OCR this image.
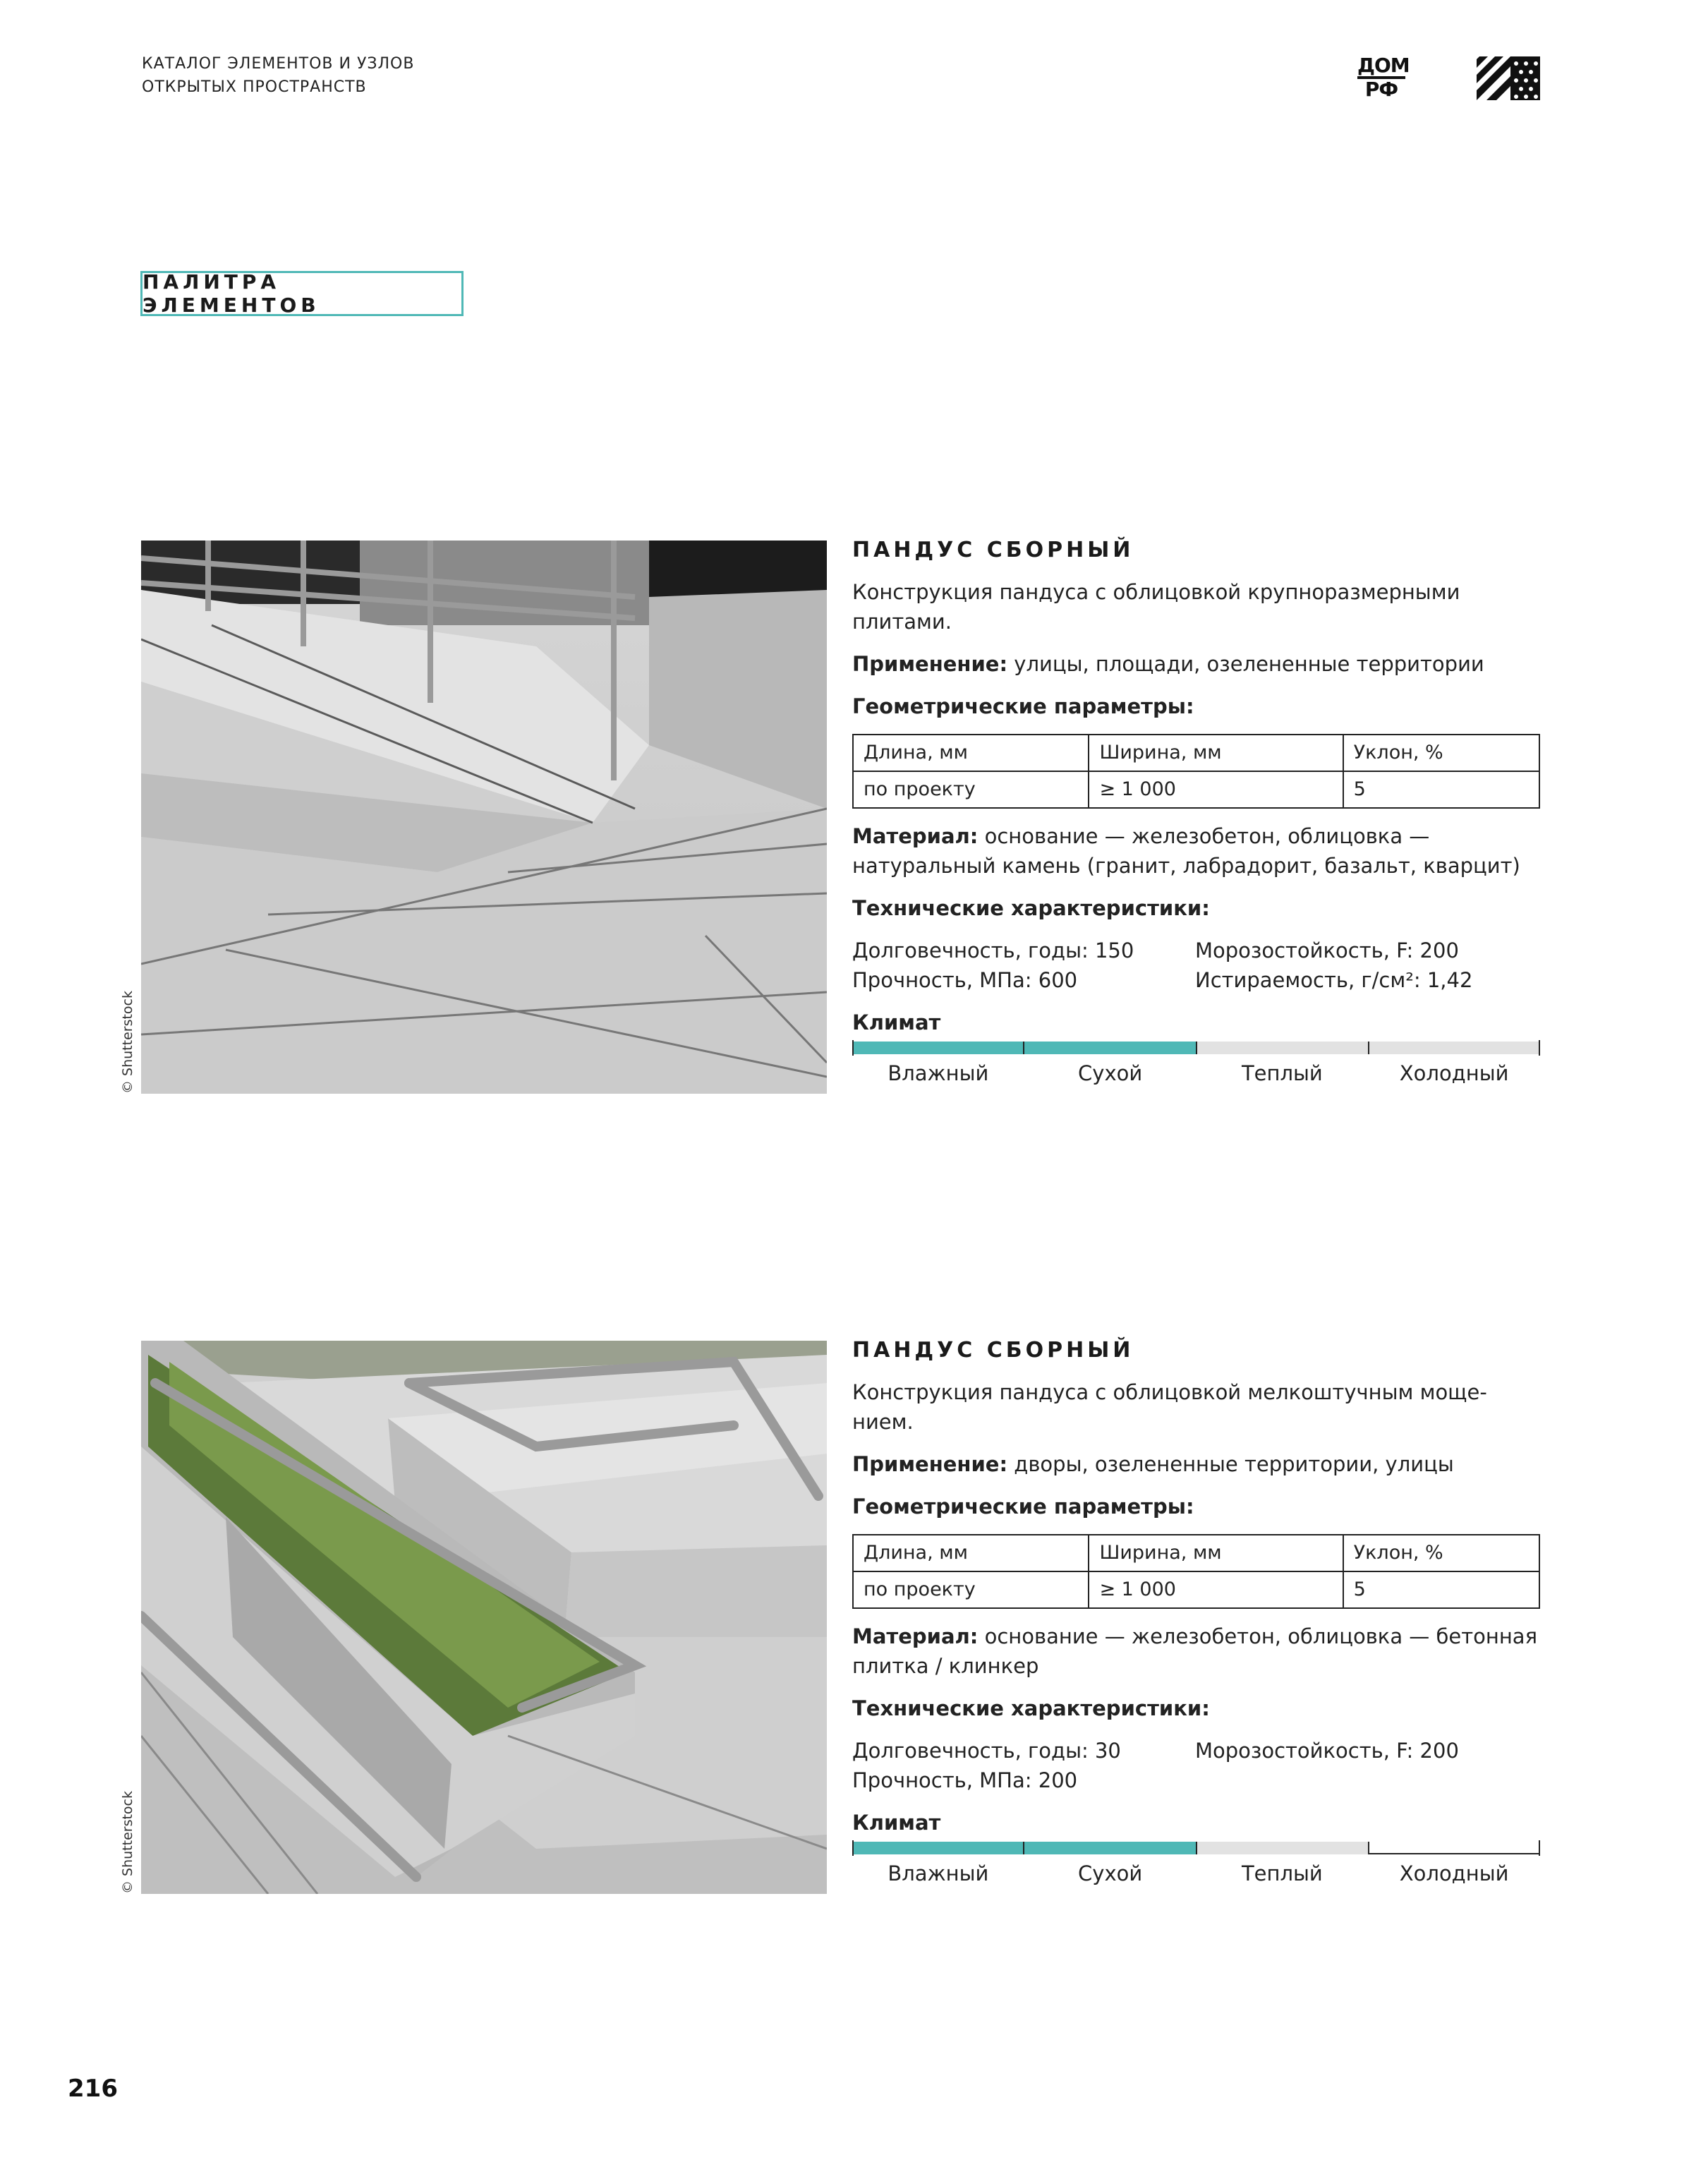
КАТАЛОГ ЭЛЕМЕНТОВ И УЗЛОВ
ОТКРЫТЫХ ПРОСТРАНСТВ
ДОМ
РФ
ПАЛИТРА ЭЛЕМЕНТОВ
© Shutterstock
ПАНДУС СБОРНЫЙ

Конструкция пандуса с облицовкой крупноразмерными плитами.

Применение: улицы, площади, озелененные территории

Геометрические параметры:
Длина, мм	Ширина, мм	Уклон, %
по проекту	≥ 1 000	5

Материал: основание — железобетон, облицовка — натуральный камень (гранит, лабрадорит, базальт, кварцит)

Технические характеристики:
Долговечность, годы: 150	Морозостойкость, F: 200
Прочность, МПа: 600	Истираемость, г/см²: 1,42
Климат
Влажный	Сухой	Теплый	Холодный
© Shutterstock
ПАНДУС СБОРНЫЙ

Конструкция пандуса с облицовкой мелкоштучным моще-нием.

Применение: дворы, озелененные территории, улицы

Геометрические параметры:
Длина, мм	Ширина, мм	Уклон, %
по проекту	≥ 1 000	5

Материал: основание — железобетон, облицовка — бетонная плитка / клинкер

Технические характеристики:
Долговечность, годы: 30	Морозостойкость, F: 200
Прочность, МПа: 200
Климат
Влажный	Сухой	Теплый	Холодный
216
